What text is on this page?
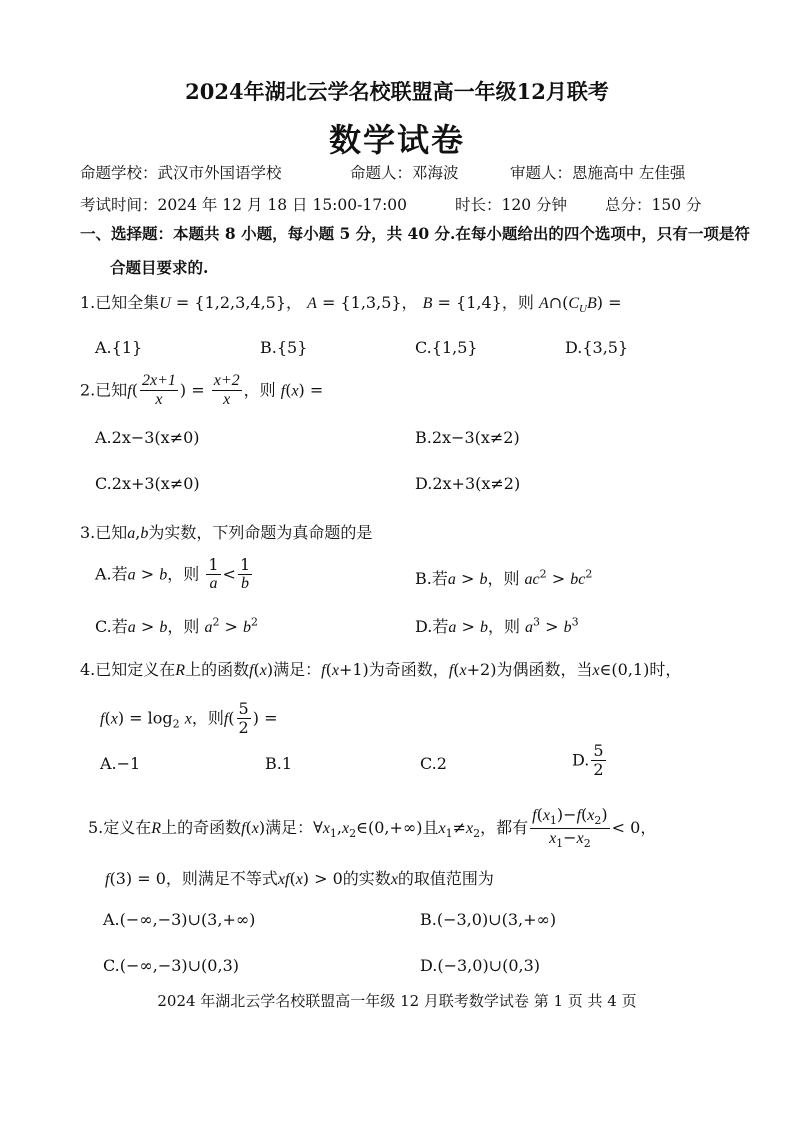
2024年湖北云学名校联盟高一年级12月联考
数学试卷
命题学校：武汉市外国语学校	命题人：邓海波	审题人：恩施高中 左佳强
考试时间：2024 年 12 月 18 日 15:00-17:00	时长：120 分钟 总分：150 分
一、选择题：本题共 8 小题，每小题 5 分，共 40 分.在每小题给出的四个选项中，只有一项是符
合题目要求的.
1.已知全集U = {1,2,3,4,5}， A = {1,3,5}， B = {1,4}，则 $A\cap(C_UB)$ =
A.{1}	B.{5}	C.{1,5}	D.{3,5}
2.已知$f( \frac{2x+1}{x}$ ) = $\frac{x+2}{x}$ ，则 f(x) =
A.2x−3(x≠0)	B.2x−3(x≠2)
C.2x+3(x≠0)	D.2x+3(x≠2)
3.已知a,b为实数，下列命题为真命题的是
A.若a > b，则 $\frac{1}{a} < \frac{1}{b}$	B.若a > b，则 $ac^2 > bc^2$
C.若a > b，则 $a^2 > b^2$	D.若a > b，则 $a^3 > b^3$
4.已知定义在R上的函数f(x)满足：f(x+1)为奇函数，f(x+2)为偶函数，当x∈(0,1)时，
$f(x) = \log_2 x$，则$f( \frac{5}{2}$ ) =
A.−1	B.1	C.2	D. $\frac{5}{2}$
5.定义在R上的奇函数f(x)满足：$\forall x_1,x_2\in(0,+\infty)$且$x_1\ne x_2$，都有 $\frac{f(x_1)-f(x_2)}{x_1-x_2} < 0$，
f(3) = 0，则满足不等式xf(x) > 0的实数x的取值范围为
A.(−∞,−3)∪(3,+∞)	B.(−3,0)∪(3,+∞)
C.(−∞,−3)∪(0,3)	D.(−3,0)∪(0,3)
2024 年湖北云学名校联盟高一年级 12 月联考数学试卷 第 1 页 共 4 页
